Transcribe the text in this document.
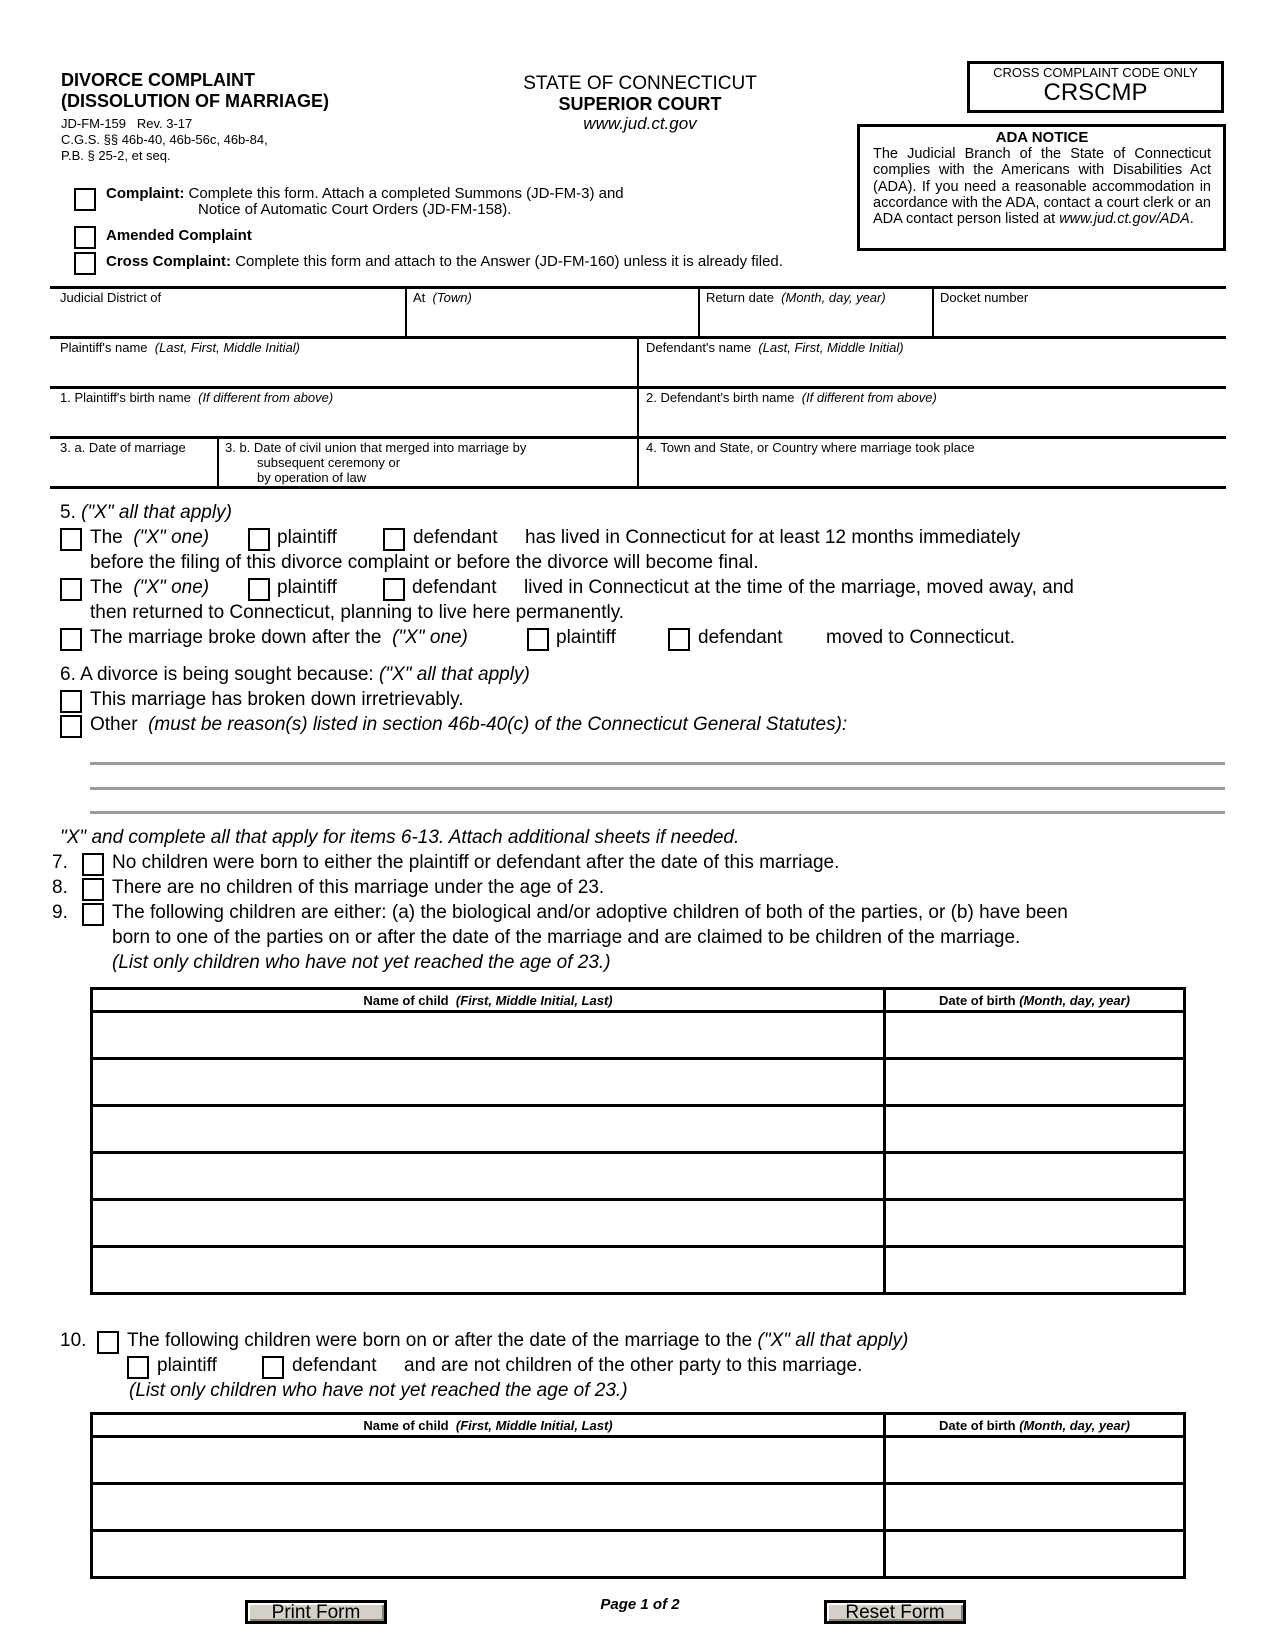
DIVORCE COMPLAINT
(DISSOLUTION OF MARRIAGE)
JD-FM-159   Rev. 3-17
C.G.S. §§ 46b-40, 46b-56c, 46b-84,
P.B. § 25-2, et seq.
STATE OF CONNECTICUT
SUPERIOR COURT
www.jud.ct.gov
CROSS COMPLAINT CODE ONLY
CRSCMP
ADA NOTICE
The Judicial Branch of the State of Connecticut complies with the Americans with Disabilities Act (ADA). If you need a reasonable accommodation in accordance with the ADA, contact a court clerk or an ADA contact person listed at www.jud.ct.gov/ADA.
Complaint: Complete this form. Attach a completed Summons (JD-FM-3) and
Notice of Automatic Court Orders (JD-FM-158).
Amended Complaint
Cross Complaint: Complete this form and attach to the Answer (JD-FM-160) unless it is already filed.
Judicial District of	At (Town)	Return date (Month, day, year)	Docket number
Plaintiff's name (Last, First, Middle Initial)	Defendant's name (Last, First, Middle Initial)
1. Plaintiff's birth name (If different from above)	2. Defendant's birth name (If different from above)
3. a. Date of marriage	3. b. Date of civil union that merged into marriage by
subsequent ceremony or
by operation of law
4. Town and State, or Country where marriage took place
5. ("X" all that apply)
The ("X" one)	plaintiff	defendant has lived in Connecticut for at least 12 months immediately
before the filing of this divorce complaint or before the divorce will become final.
The ("X" one)	plaintiff	defendant lived in Connecticut at the time of the marriage, moved away, and
then returned to Connecticut, planning to live here permanently.
The marriage broke down after the ("X" one)	plaintiff	defendant moved to Connecticut.
6. A divorce is being sought because: ("X" all that apply)
This marriage has broken down irretrievably.
Other (must be reason(s) listed in section 46b-40(c) of the Connecticut General Statutes):
"X" and complete all that apply for items 6-13. Attach additional sheets if needed.
7. No children were born to either the plaintiff or defendant after the date of this marriage.
8. There are no children of this marriage under the age of 23.
9. The following children are either: (a) the biological and/or adoptive children of both of the parties, or (b) have been
born to one of the parties on or after the date of the marriage and are claimed to be children of the marriage.
(List only children who have not yet reached the age of 23.)
Name of child (First, Middle Initial, Last)	Date of birth (Month, day, year)

10. The following children were born on or after the date of the marriage to the ("X" all that apply)
plaintiff	defendant and are not children of the other party to this marriage.
(List only children who have not yet reached the age of 23.)
Name of child (First, Middle Initial, Last)	Date of birth (Month, day, year)

Print Form	Page 1 of 2	Reset Form
